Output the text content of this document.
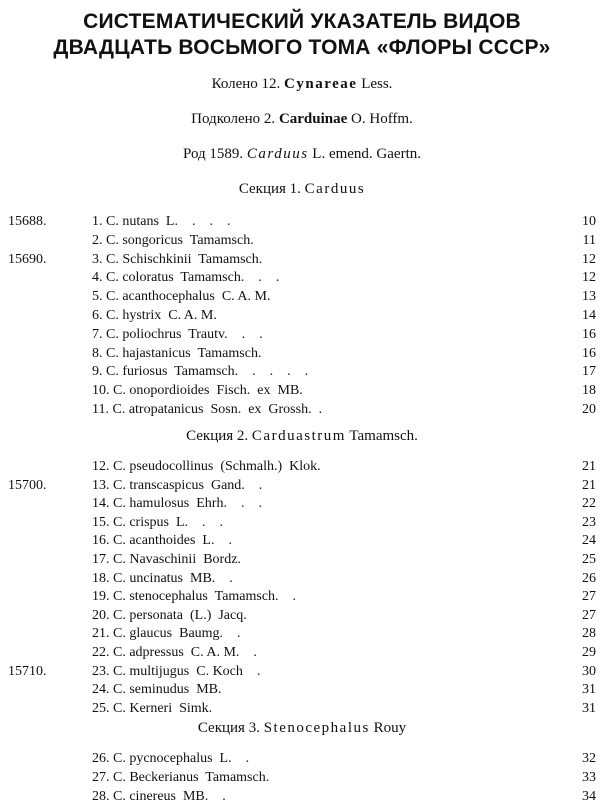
СИСТЕМАТИЧЕСКИЙ УКАЗАТЕЛЬ ВИДОВ
ДВАДЦАТЬ ВОСЬМОГО ТОМА «ФЛОРЫ СССР»
Колено 12. Cynareae Less.
Подколено 2. Carduinae O. Hoffm.
Род 1589. Carduus L. emend. Gaertn.
Секция 1. Carduus
15688.	1. C. nutans  L.    .    .    .	10
2. C. songoricus  Tamamsch.	11
15690.	3. C. Schischkinii  Tamamsch.	12
4. C. coloratus  Tamamsch.    .    .	12
5. C. acanthocephalus  C. A. M.	13
6. C. hystrix  C. A. M.	14
7. C. poliochrus  Trautv.    .    .	16
8. C. hajastanicus  Tamamsch.	16
9. C. furiosus  Tamamsch.    .    .    .    .	17
10. C. onopordioides  Fisch.  ex  MB.	18
11. C. atropatanicus  Sosn.  ex  Grossh.  .	20
Секция 2. Carduastrum Tamamsch.
12. C. pseudocollinus  (Schmalh.)  Klok.	21
15700.	13. C. transcaspicus  Gand.    .	21
14. C. hamulosus  Ehrh.    .    .	22
15. C. crispus  L.    .    .	23
16. C. acanthoides  L.    .	24
17. C. Navaschinii  Bordz.	25
18. C. uncinatus  MB.    .	26
19. C. stenocephalus  Tamamsch.    .	27
20. C. personata  (L.)  Jacq.	27
21. C. glaucus  Baumg.    .	28
22. C. adpressus  C. A. M.    .	29
15710.	23. C. multijugus  C. Koch    .	30
24. C. seminudus  MB.	31
25. C. Kerneri  Simk.	31
Секция 3. Stenocephalus Rouy
26. C. pycnocephalus  L.    .	32
27. C. Beckerianus  Tamamsch.	33
28. C. cinereus  MB.    .	34
